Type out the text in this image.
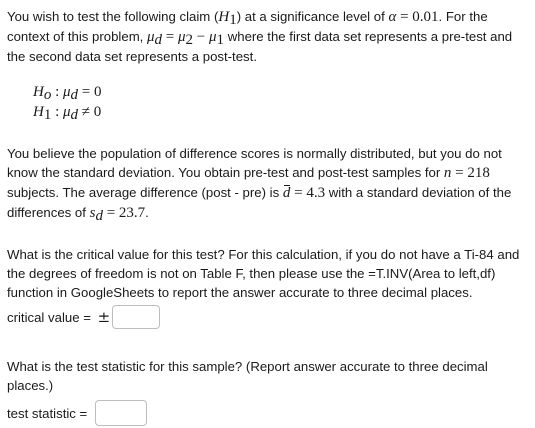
You wish to test the following claim $(H_1)$ at a significance level of α = 0.01. For the context of this problem, $\mu_d = \mu_2 - \mu_1$ where the first data set represents a pre-test and the second data set represents a post-test.

$H_o$ : $\mu_d = 0$
$H_1$ : $\mu_d \ne 0$

You believe the population of difference scores is normally distributed, but you do not know the standard deviation. You obtain pre-test and post-test samples for n = 218 subjects. The average difference (post - pre) is d = 4.3 with a standard deviation of the differences of $s_d = 23.7$.

What is the critical value for this test? For this calculation, if you do not have a Ti-84 and the degrees of freedom is not on Table F, then please use the =T.INV(Area to left,df) function in GoogleSheets to report the answer accurate to three decimal places.

critical value = ±

What is the test statistic for this sample? (Report answer accurate to three decimal places.)

test statistic =
